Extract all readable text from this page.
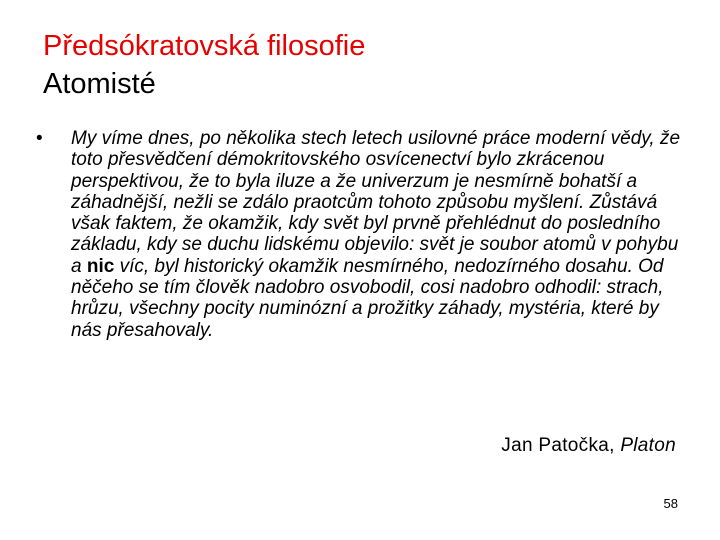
Předsókratovská filosofie
Atomisté
• My víme dnes, po několika stech letech usilovné práce moderní vědy, že toto přesvědčení démokritovského osvícenectví bylo zkrácenou perspektivou, že to byla iluze a že univerzum je nesmírně bohatší a záhadnější, nežli se zdálo praotcům tohoto způsobu myšlení. Zůstává však faktem, že okamžik, kdy svět byl prvně přehlédnut do posledního základu, kdy se duchu lidskému objevilo: svět je soubor atomů v pohybu a nic víc, byl historický okamžik nesmírného, nedozírného dosahu. Od něčeho se tím člověk nadobro osvobodil, cosi nadobro odhodil: strach, hrůzu, všechny pocity numinózní a prožitky záhady, mystéria, které by nás přesahovaly.
Jan Patočka, Platon
58
